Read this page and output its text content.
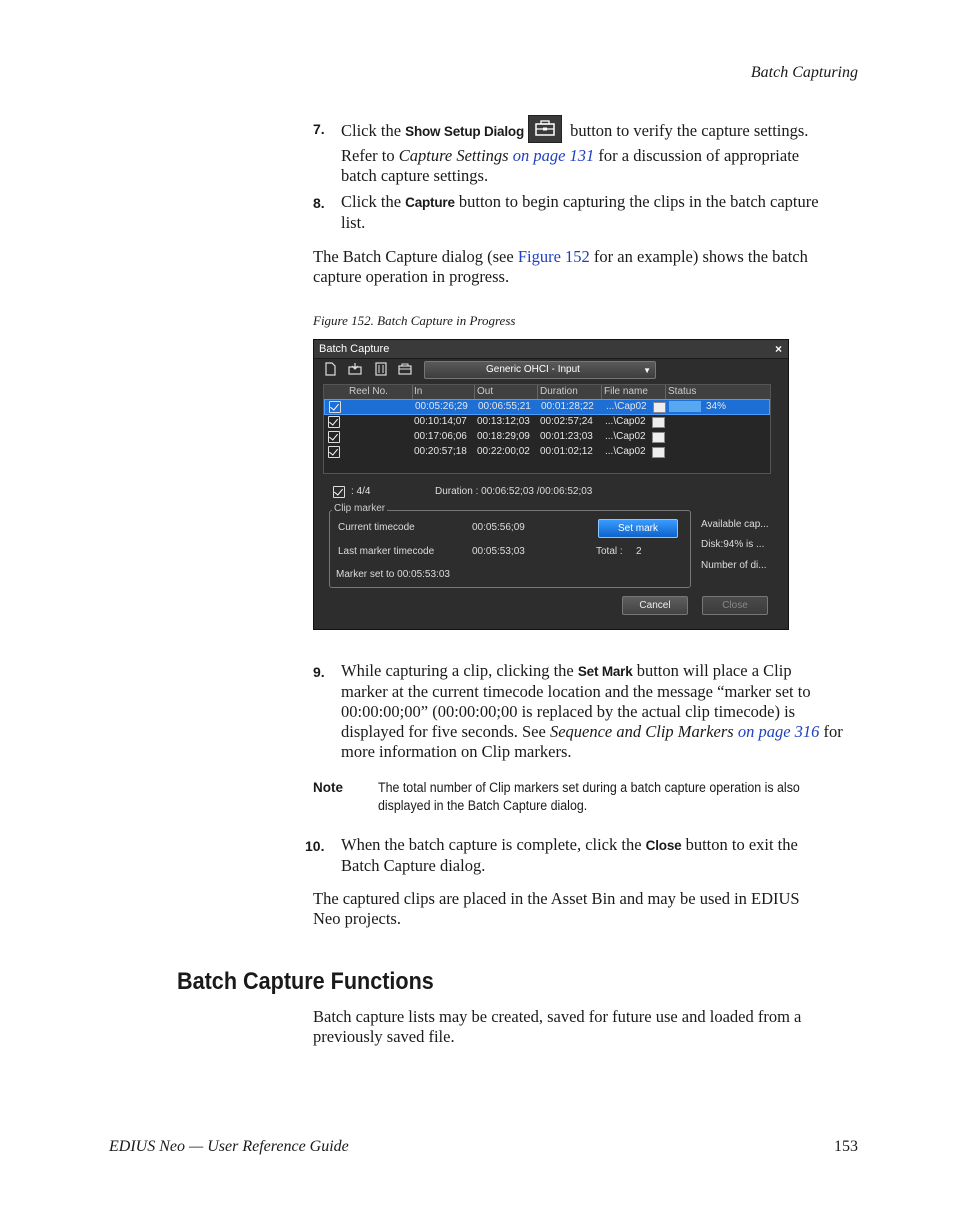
Batch Capturing
7. Click the Show Setup Dialog	button to verify the capture settings.
Refer to Capture Settings on page 131 for a discussion of appropriate
batch capture settings.
8. Click the Capture button to begin capturing the clips in the batch capture
list.
The Batch Capture dialog (see Figure 152 for an example) shows the batch
capture operation in progress.
Figure 152. Batch Capture in Progress
Batch Capture	×
Generic OHCI - Input	▼
Reel No.	In	Out	Duration	File name Status
00:05:26;29 00:06:55;21 00:01:28;22 ...\Cap02	34%
00:10:14;07 00:13:12;03 00:02:57;24 ...\Cap02
00:17:06;06 00:18:29;09 00:01:23;03 ...\Cap02
00:20:57;18 00:22:00;02 00:01:02;12 ...\Cap02
: 4/4	Duration : 00:06:52;03 /00:06:52;03
Clip marker
Current timecode	00:05:56;09	Set mark
Last marker timecode	00:05:53;03	Total : 2
Marker set to 00:05:53:03
Available cap...
Disk:94% is ...
Number of di...
Cancel	Close
9. While capturing a clip, clicking the Set Mark button will place a Clip
marker at the current timecode location and the message “marker set to
00:00:00;00” (00:00:00;00 is replaced by the actual clip timecode) is
displayed for five seconds. See Sequence and Clip Markers on page 316 for
more information on Clip markers.
Note	The total number of Clip markers set during a batch capture operation is also displayed in the Batch Capture dialog.
10. When the batch capture is complete, click the Close button to exit the
Batch Capture dialog.
The captured clips are placed in the Asset Bin and may be used in EDIUS
Neo projects.
Batch Capture Functions
Batch capture lists may be created, saved for future use and loaded from a
previously saved file.
EDIUS Neo — User Reference Guide	153
